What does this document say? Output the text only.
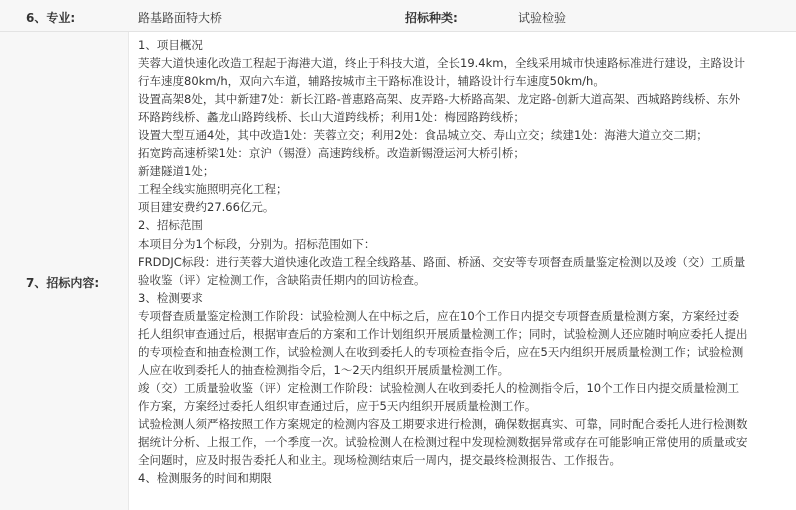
6、专业:	路基路面特大桥	招标种类:	试验检验
7、招标内容:

1、项目概况

芙蓉大道快速化改造工程起于海港大道，终止于科技大道，全长19.4km，全线采用城市快速路标准进行建设，主路设计

行车速度80km/h，双向六车道，辅路按城市主干路标准设计，辅路设计行车速度50km/h。

设置高架8处，其中新建7处：新长江路-普惠路高架、皮弄路-大桥路高架、龙定路-创新大道高架、西城路跨线桥、东外

环路跨线桥、蠡龙山路跨线桥、长山大道跨线桥；利用1处：梅园路跨线桥；

设置大型互通4处，其中改造1处：芙蓉立交；利用2处：食品城立交、寿山立交；续建1处：海港大道立交二期；

拓宽跨高速桥梁1处：京沪（锡澄）高速跨线桥。改造新锡澄运河大桥引桥；

新建隧道1处；

工程全线实施照明亮化工程；

项目建安费约27.66亿元。

2、招标范围

本项目分为1个标段，分别为。招标范围如下：

FRDDJC标段：进行芙蓉大道快速化改造工程全线路基、路面、桥涵、交安等专项督查质量鉴定检测以及竣（交）工质量

验收鉴（评）定检测工作，含缺陷责任期内的回访检查。

3、检测要求

专项督查质量鉴定检测工作阶段：试验检测人在中标之后，应在10个工作日内提交专项督查质量检测方案，方案经过委

托人组织审查通过后，根据审查后的方案和工作计划组织开展质量检测工作；同时，试验检测人还应随时响应委托人提出

的专项检查和抽查检测工作，试验检测人在收到委托人的专项检查指令后，应在5天内组织开展质量检测工作；试验检测

人应在收到委托人的抽查检测指令后，1～2天内组织开展质量检测工作。

竣（交）工质量验收鉴（评）定检测工作阶段：试验检测人在收到委托人的检测指令后，10个工作日内提交质量检测工

作方案，方案经过委托人组织审查通过后，应于5天内组织开展质量检测工作。

试验检测人须严格按照工作方案规定的检测内容及工期要求进行检测，确保数据真实、可靠，同时配合委托人进行检测数

据统计分析、上报工作，一个季度一次。试验检测人在检测过程中发现检测数据异常或存在可能影响正常使用的质量或安

全问题时，应及时报告委托人和业主。现场检测结束后一周内，提交最终检测报告、工作报告。

4、检测服务的时间和期限
